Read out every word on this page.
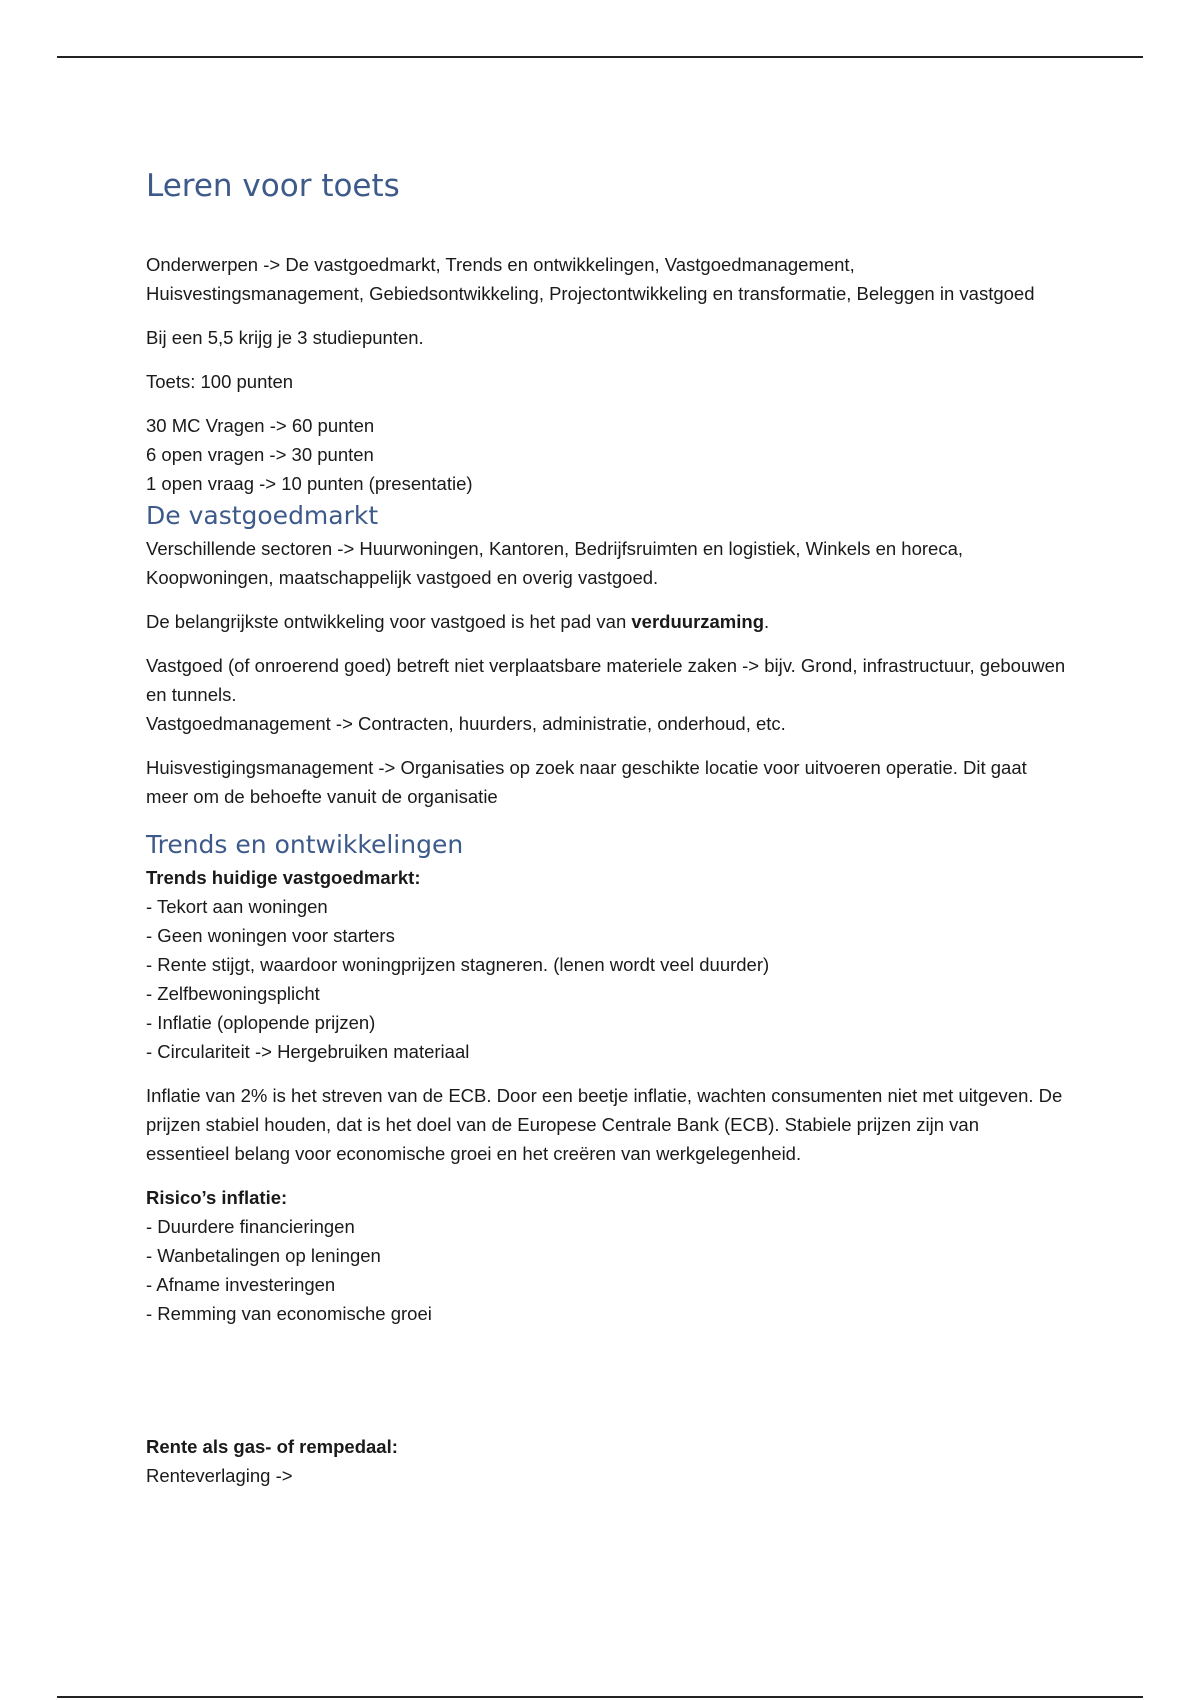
Leren voor toets

Onderwerpen -> De vastgoedmarkt, Trends en ontwikkelingen, Vastgoedmanagement, Huisvestingsmanagement, Gebiedsontwikkeling, Projectontwikkeling en transformatie, Beleggen in vastgoed

Bij een 5,5 krijg je 3 studiepunten.

Toets: 100 punten

30 MC Vragen -> 60 punten
6 open vragen -> 30 punten
1 open vraag -> 10 punten (presentatie)

De vastgoedmarkt

Verschillende sectoren -> Huurwoningen, Kantoren, Bedrijfsruimten en logistiek, Winkels en horeca, Koopwoningen, maatschappelijk vastgoed en overig vastgoed.

De belangrijkste ontwikkeling voor vastgoed is het pad van verduurzaming.

Vastgoed (of onroerend goed) betreft niet verplaatsbare materiele zaken -> bijv. Grond, infrastructuur, gebouwen en tunnels.
Vastgoedmanagement -> Contracten, huurders, administratie, onderhoud, etc.

Huisvestigingsmanagement -> Organisaties op zoek naar geschikte locatie voor uitvoeren operatie. Dit gaat meer om de behoefte vanuit de organisatie

Trends en ontwikkelingen

Trends huidige vastgoedmarkt:
- Tekort aan woningen
- Geen woningen voor starters
- Rente stijgt, waardoor woningprijzen stagneren. (lenen wordt veel duurder)
- Zelfbewoningsplicht
- Inflatie (oplopende prijzen)
- Circulariteit -> Hergebruiken materiaal

Inflatie van 2% is het streven van de ECB. Door een beetje inflatie, wachten consumenten niet met uitgeven. De prijzen stabiel houden, dat is het doel van de Europese Centrale Bank (ECB). Stabiele prijzen zijn van essentieel belang voor economische groei en het creëren van werkgelegenheid.

Risico’s inflatie:
- Duurdere financieringen
- Wanbetalingen op leningen
- Afname investeringen
- Remming van economische groei

Rente als gas- of rempedaal:
Renteverlaging ->
